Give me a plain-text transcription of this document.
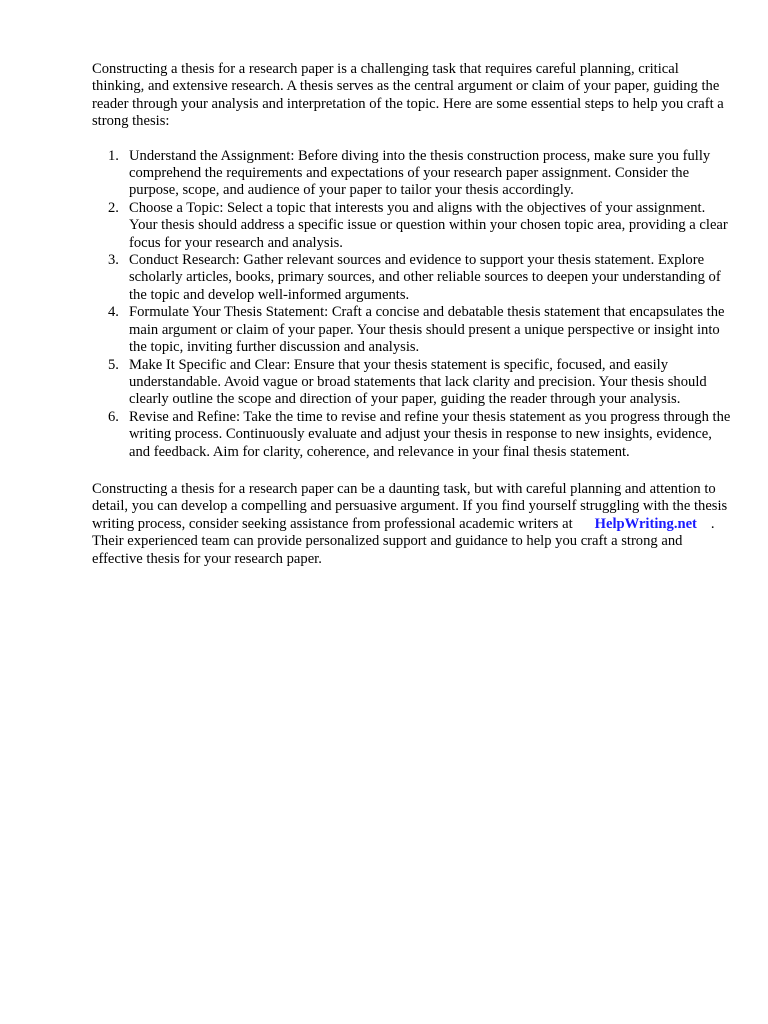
Constructing a thesis for a research paper is a challenging task that requires careful planning, critical thinking, and extensive research. A thesis serves as the central argument or claim of your paper, guiding the reader through your analysis and interpretation of the topic. Here are some essential steps to help you craft a strong thesis:

1. Understand the Assignment: Before diving into the thesis construction process, make sure you fully comprehend the requirements and expectations of your research paper assignment. Consider the purpose, scope, and audience of your paper to tailor your thesis accordingly.
2. Choose a Topic: Select a topic that interests you and aligns with the objectives of your assignment. Your thesis should address a specific issue or question within your chosen topic area, providing a clear focus for your research and analysis.
3. Conduct Research: Gather relevant sources and evidence to support your thesis statement. Explore scholarly articles, books, primary sources, and other reliable sources to deepen your understanding of the topic and develop well-informed arguments.
4. Formulate Your Thesis Statement: Craft a concise and debatable thesis statement that encapsulates the main argument or claim of your paper. Your thesis should present a unique perspective or insight into the topic, inviting further discussion and analysis.
5. Make It Specific and Clear: Ensure that your thesis statement is specific, focused, and easily understandable. Avoid vague or broad statements that lack clarity and precision. Your thesis should clearly outline the scope and direction of your paper, guiding the reader through your analysis.
6. Revise and Refine: Take the time to revise and refine your thesis statement as you progress through the writing process. Continuously evaluate and adjust your thesis in response to new insights, evidence, and feedback. Aim for clarity, coherence, and relevance in your final thesis statement.

Constructing a thesis for a research paper can be a daunting task, but with careful planning and attention to detail, you can develop a compelling and persuasive argument. If you find yourself struggling with the thesis writing process, consider seeking assistance from professional academic writers at HelpWriting.net . Their experienced team can provide personalized support and guidance to help you craft a strong and effective thesis for your research paper.
